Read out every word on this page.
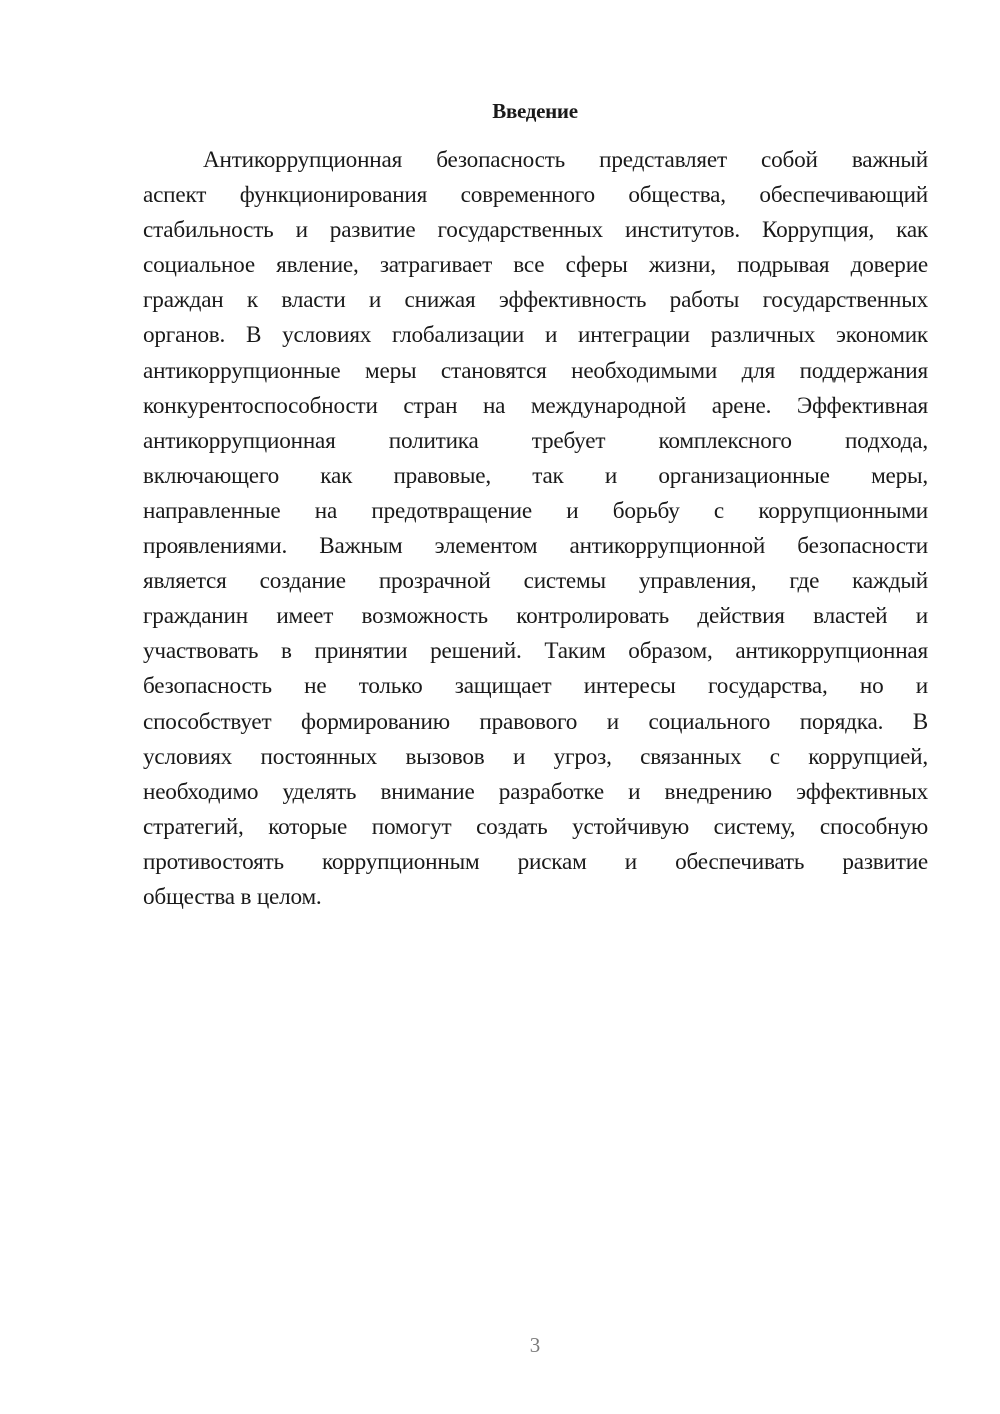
Введение
Антикоррупционная безопасность представляет собой важный
аспект функционирования современного общества, обеспечивающий
стабильность и развитие государственных институтов. Коррупция, как
социальное явление, затрагивает все сферы жизни, подрывая доверие
граждан к власти и снижая эффективность работы государственных
органов. В условиях глобализации и интеграции различных экономик
антикоррупционные меры становятся необходимыми для поддержания
конкурентоспособности стран на международной арене. Эффективная
антикоррупционная политика требует комплексного подхода,
включающего как правовые, так и организационные меры,
направленные на предотвращение и борьбу с коррупционными
проявлениями. Важным элементом антикоррупционной безопасности
является создание прозрачной системы управления, где каждый
гражданин имеет возможность контролировать действия властей и
участвовать в принятии решений. Таким образом, антикоррупционная
безопасность не только защищает интересы государства, но и
способствует формированию правового и социального порядка. В
условиях постоянных вызовов и угроз, связанных с коррупцией,
необходимо уделять внимание разработке и внедрению эффективных
стратегий, которые помогут создать устойчивую систему, способную
противостоять коррупционным рискам и обеспечивать развитие
общества в целом.
3
